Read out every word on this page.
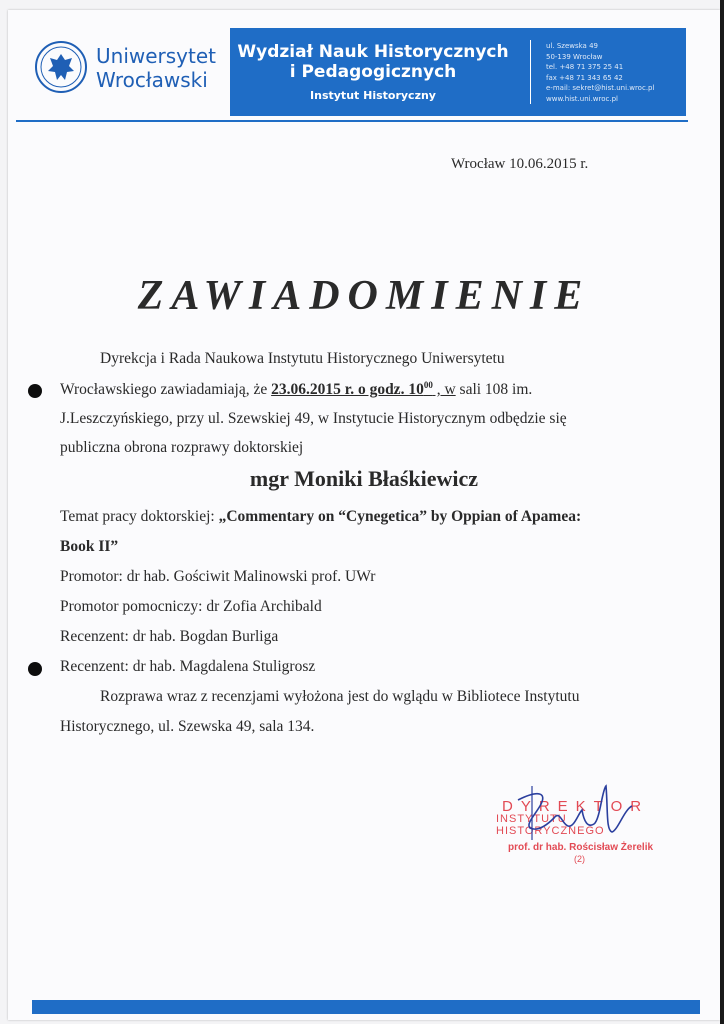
Uniwersytet
Wrocławski
Wydział Nauk Historycznych
i Pedagogicznych
Instytut Historyczny
ul. Szewska 49
50-139 Wrocław
tel. +48 71 375 25 41
fax +48 71 343 65 42
e-mail: sekret@hist.uni.wroc.pl
www.hist.uni.wroc.pl
Wrocław 10.06.2015 r.
ZAWIADOMIENIE
Dyrekcja i Rada Naukowa Instytutu Historycznego Uniwersytetu
Wrocławskiego zawiadamiają, że 23.06.2015 r. o godz. $10^{00}$ , w sali 108 im.
J.Leszczyńskiego, przy ul. Szewskiej 49, w Instytucie Historycznym odbędzie się
publiczna obrona rozprawy doktorskiej
mgr Moniki Błaśkiewicz
Temat pracy doktorskiej: „Commentary on “Cynegetica” by Oppian of Apamea:
Book II”
Promotor: dr hab. Gościwit Malinowski prof. UWr
Promotor pomocniczy: dr Zofia Archibald
Recenzent: dr hab. Bogdan Burliga
Recenzent: dr hab. Magdalena Stuligrosz
Rozprawa wraz z recenzjami wyłożona jest do wglądu w Bibliotece Instytutu
Historycznego, ul. Szewska 49, sala 134.
DYREKTOR
INSTYTUTU HISTORYCZNEGO
prof. dr hab. Rościsław Żerelik
(2)
